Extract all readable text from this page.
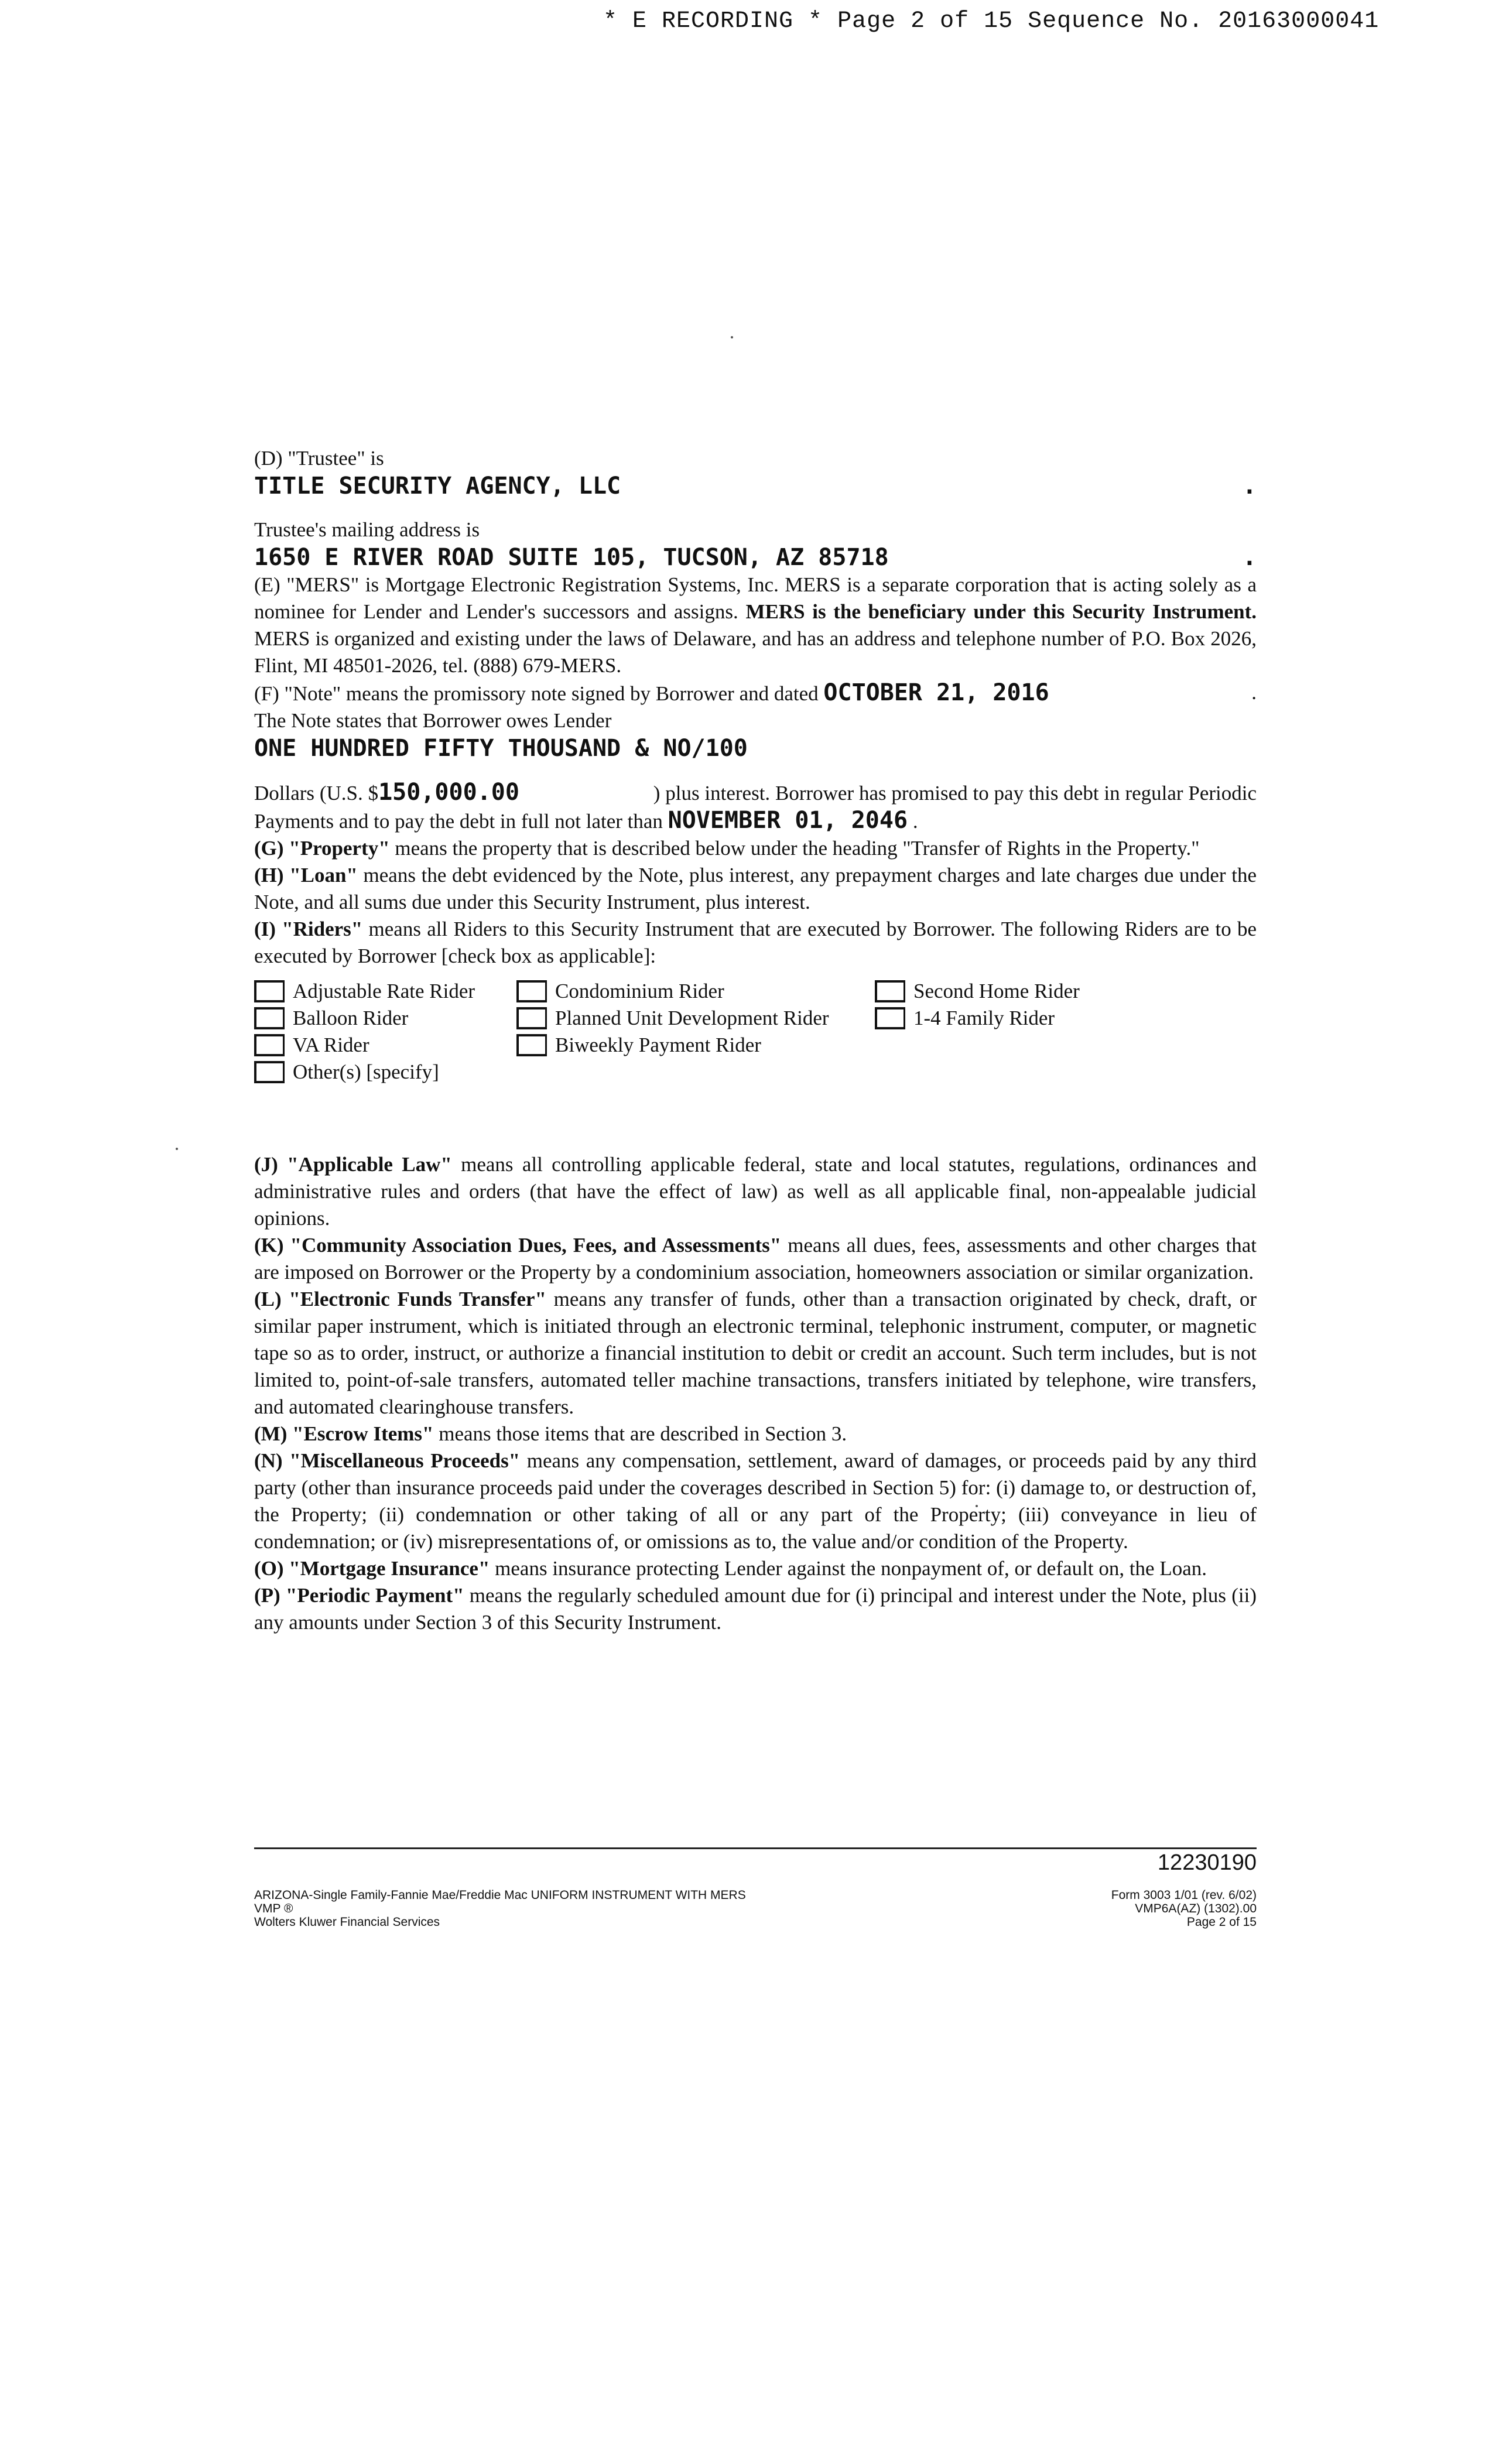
* E RECORDING * Page 2 of 15 Sequence No. 20163000041

(D) "Trustee" is

TITLE SECURITY AGENCY, LLC	.

Trustee's mailing address is

1650 E RIVER ROAD SUITE 105, TUCSON, AZ 85718	.

(E) "MERS" is Mortgage Electronic Registration Systems, Inc. MERS is a separate corporation that is acting solely as a nominee for Lender and Lender's successors and assigns. MERS is the beneficiary under this Security Instrument. MERS is organized and existing under the laws of Delaware, and has an address and telephone number of P.O. Box 2026, Flint, MI 48501-2026, tel. (888) 679-MERS.

(F) "Note" means the promissory note signed by Borrower and dated OCTOBER 21, 2016	.

The Note states that Borrower owes Lender

ONE HUNDRED FIFTY THOUSAND & NO/100

Dollars (U.S. $150,000.00	) plus interest. Borrower has promised to pay this debt in regular Periodic Payments and to pay the debt in full not later than NOVEMBER 01, 2046 .

(G) "Property" means the property that is described below under the heading "Transfer of Rights in the Property."

(H) "Loan" means the debt evidenced by the Note, plus interest, any prepayment charges and late charges due under the Note, and all sums due under this Security Instrument, plus interest.

(I) "Riders" means all Riders to this Security Instrument that are executed by Borrower. The following Riders are to be executed by Borrower [check box as applicable]:

Adjustable Rate Rider	Condominium Rider	Second Home Rider
Balloon Rider	Planned Unit Development Rider	1-4 Family Rider
VA Rider	Biweekly Payment Rider
Other(s) [specify]

(J) "Applicable Law" means all controlling applicable federal, state and local statutes, regulations, ordinances and administrative rules and orders (that have the effect of law) as well as all applicable final, non-appealable judicial opinions.

(K) "Community Association Dues, Fees, and Assessments" means all dues, fees, assessments and other charges that are imposed on Borrower or the Property by a condominium association, homeowners association or similar organization.

(L) "Electronic Funds Transfer" means any transfer of funds, other than a transaction originated by check, draft, or similar paper instrument, which is initiated through an electronic terminal, telephonic instrument, computer, or magnetic tape so as to order, instruct, or authorize a financial institution to debit or credit an account. Such term includes, but is not limited to, point-of-sale transfers, automated teller machine transactions, transfers initiated by telephone, wire transfers, and automated clearinghouse transfers.

(M) "Escrow Items" means those items that are described in Section 3.

(N) "Miscellaneous Proceeds" means any compensation, settlement, award of damages, or proceeds paid by any third party (other than insurance proceeds paid under the coverages described in Section 5) for: (i) damage to, or destruction of, the Property; (ii) condemnation or other taking of all or any part of the Property; (iii) conveyance in lieu of condemnation; or (iv) misrepresentations of, or omissions as to, the value and/or condition of the Property.

(O) "Mortgage Insurance" means insurance protecting Lender against the nonpayment of, or default on, the Loan.

(P) "Periodic Payment" means the regularly scheduled amount due for (i) principal and interest under the Note, plus (ii) any amounts under Section 3 of this Security Instrument.

12230190
ARIZONA-Single Family-Fannie Mae/Freddie Mac UNIFORM INSTRUMENT WITH MERS
VMP ®
Wolters Kluwer Financial Services
Form 3003 1/01 (rev. 6/02)
VMP6A(AZ) (1302).00
Page 2 of 15
